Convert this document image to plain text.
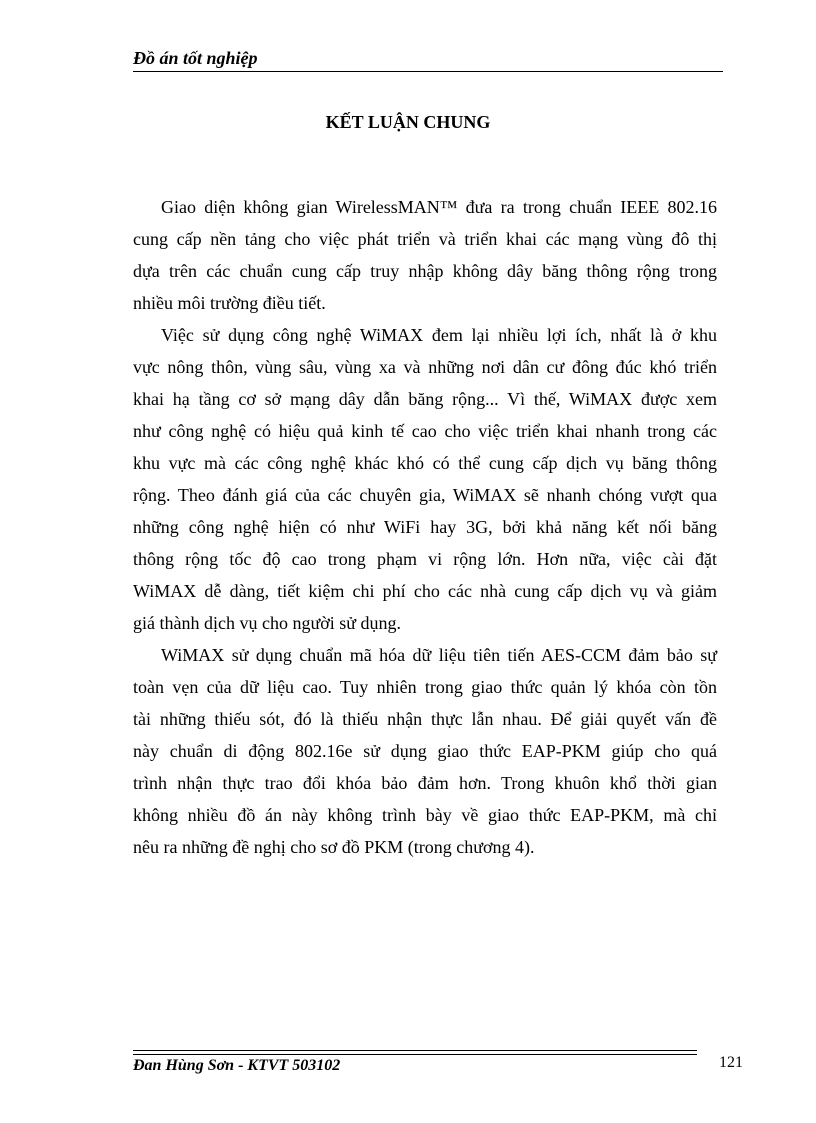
Đồ án tốt nghiệp
KẾT LUẬN CHUNG
Giao diện không gian WirelessMAN™ đưa ra trong chuẩn IEEE 802.16
cung cấp nền tảng cho việc phát triển và triển khai các mạng vùng đô thị
dựa trên các chuẩn cung cấp truy nhập không dây băng thông rộng trong
nhiều môi trường điều tiết.
Việc sử dụng công nghệ WiMAX đem lại nhiều lợi ích, nhất là ở khu
vực nông thôn, vùng sâu, vùng xa và những nơi dân cư đông đúc khó triển
khai hạ tầng cơ sở mạng dây dẫn băng rộng... Vì thế, WiMAX được xem
như công nghệ có hiệu quả kinh tế cao cho việc triển khai nhanh trong các
khu vực mà các công nghệ khác khó có thể cung cấp dịch vụ băng thông
rộng. Theo đánh giá của các chuyên gia, WiMAX sẽ nhanh chóng vượt qua
những công nghệ hiện có như WiFi hay 3G, bởi khả năng kết nối băng
thông rộng tốc độ cao trong phạm vi rộng lớn. Hơn nữa, việc cài đặt
WiMAX dễ dàng, tiết kiệm chi phí cho các nhà cung cấp dịch vụ và giảm
giá thành dịch vụ cho người sử dụng.
WiMAX sử dụng chuẩn mã hóa dữ liệu tiên tiến AES-CCM đảm bảo sự
toàn vẹn của dữ liệu cao. Tuy nhiên trong giao thức quản lý khóa còn tồn
tài những thiếu sót, đó là thiếu nhận thực lẫn nhau. Để giải quyết vấn đề
này chuẩn di động 802.16e sử dụng giao thức EAP-PKM giúp cho quá
trình nhận thực trao đổi khóa bảo đảm hơn. Trong khuôn khổ thời gian
không nhiều đồ án này không trình bày về giao thức EAP-PKM, mà chỉ
nêu ra những đề nghị cho sơ đồ PKM (trong chương 4).
Đan Hùng Sơn - KTVT 503102	121
